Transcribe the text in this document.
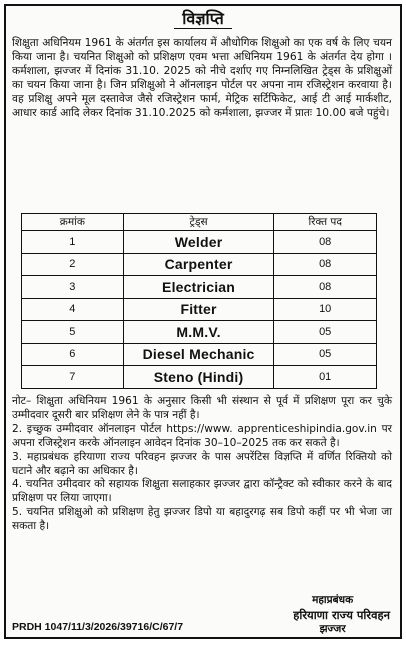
विज्ञप्ति
शिक्षुता अधिनियम 1961 के अंतर्गत इस कार्यालय में औधोगिक शिक्षुओ का एक वर्ष के लिए चयन किया जाना है। चयनित शिक्षुओ को प्रशिक्षण एवम भत्ता अधिनियम 1961 के अंतर्गत देय होगा । कर्मशाला, झज्जर में दिनांक 31.10. 2025 को नीचे दर्शाए गए निम्नलिखित ट्रेड्स के प्रशिक्षुओं का चयन किया जाना है। जिन प्रशिक्षुओ ने ऑनलाइन पोर्टल पर अपना नाम रजिस्ट्रेशन करवाया है। वह प्रशिक्षु अपने मूल दस्तावेज जैसे रजिस्ट्रेशन फार्म, मेट्रिक सर्टिफिकेट, आई टी आई मार्कशीट, आधार कार्ड आदि लेकर दिनांक 31.10.2025 को कर्मशाला, झज्जर में प्रातः 10.00 बजे पहुंचे।
क्रमांक	ट्रेड्स	रिक्त पद
1	Welder	08
2	Carpenter	08
3	Electrician	08
4	Fitter	10
5	M.M.V.	05
6	Diesel Mechanic	05
7	Steno (Hindi)	01

नोट– शिक्षुता अधिनियम 1961 के अनुसार किसी भी संस्थान से पूर्व में प्रशिक्षण पूरा कर चुके उम्मीदवार दूसरी बार प्रशिक्षण लेने के पात्र नहीं है।

2. इच्छुक उम्मीदवार ऑनलाइन पोर्टल https://www. apprenticeshipindia.gov.in पर अपना रजिस्ट्रेशन करके ऑनलाइन आवेदन दिनांक 30–10–2025 तक कर सकते है।

3. महाप्रबंधक हरियाणा राज्य परिवहन झज्जर के पास अपरेंटिस विज्ञप्ति में वर्णित रिक्तियो को घटाने और बढ़ाने का अधिकार है।

4. चयनित उमीदवार को सहायक शिक्षुता सलाहकार झज्जर द्वारा कॉन्ट्रैक्ट को स्वीकार करने के बाद प्रशिक्षण पर लिया जाएगा।

5. चयनित प्रशिक्षुओ को प्रशिक्षण हेतु झज्जर डिपो या बहादुरगढ़ सब डिपो कहीं पर भी भेजा जा सकता है।

महाप्रबंधक
हरियाणा राज्य परिवहन
झज्जर
PRDH 1047/11/3/2026/39716/C/67/7
